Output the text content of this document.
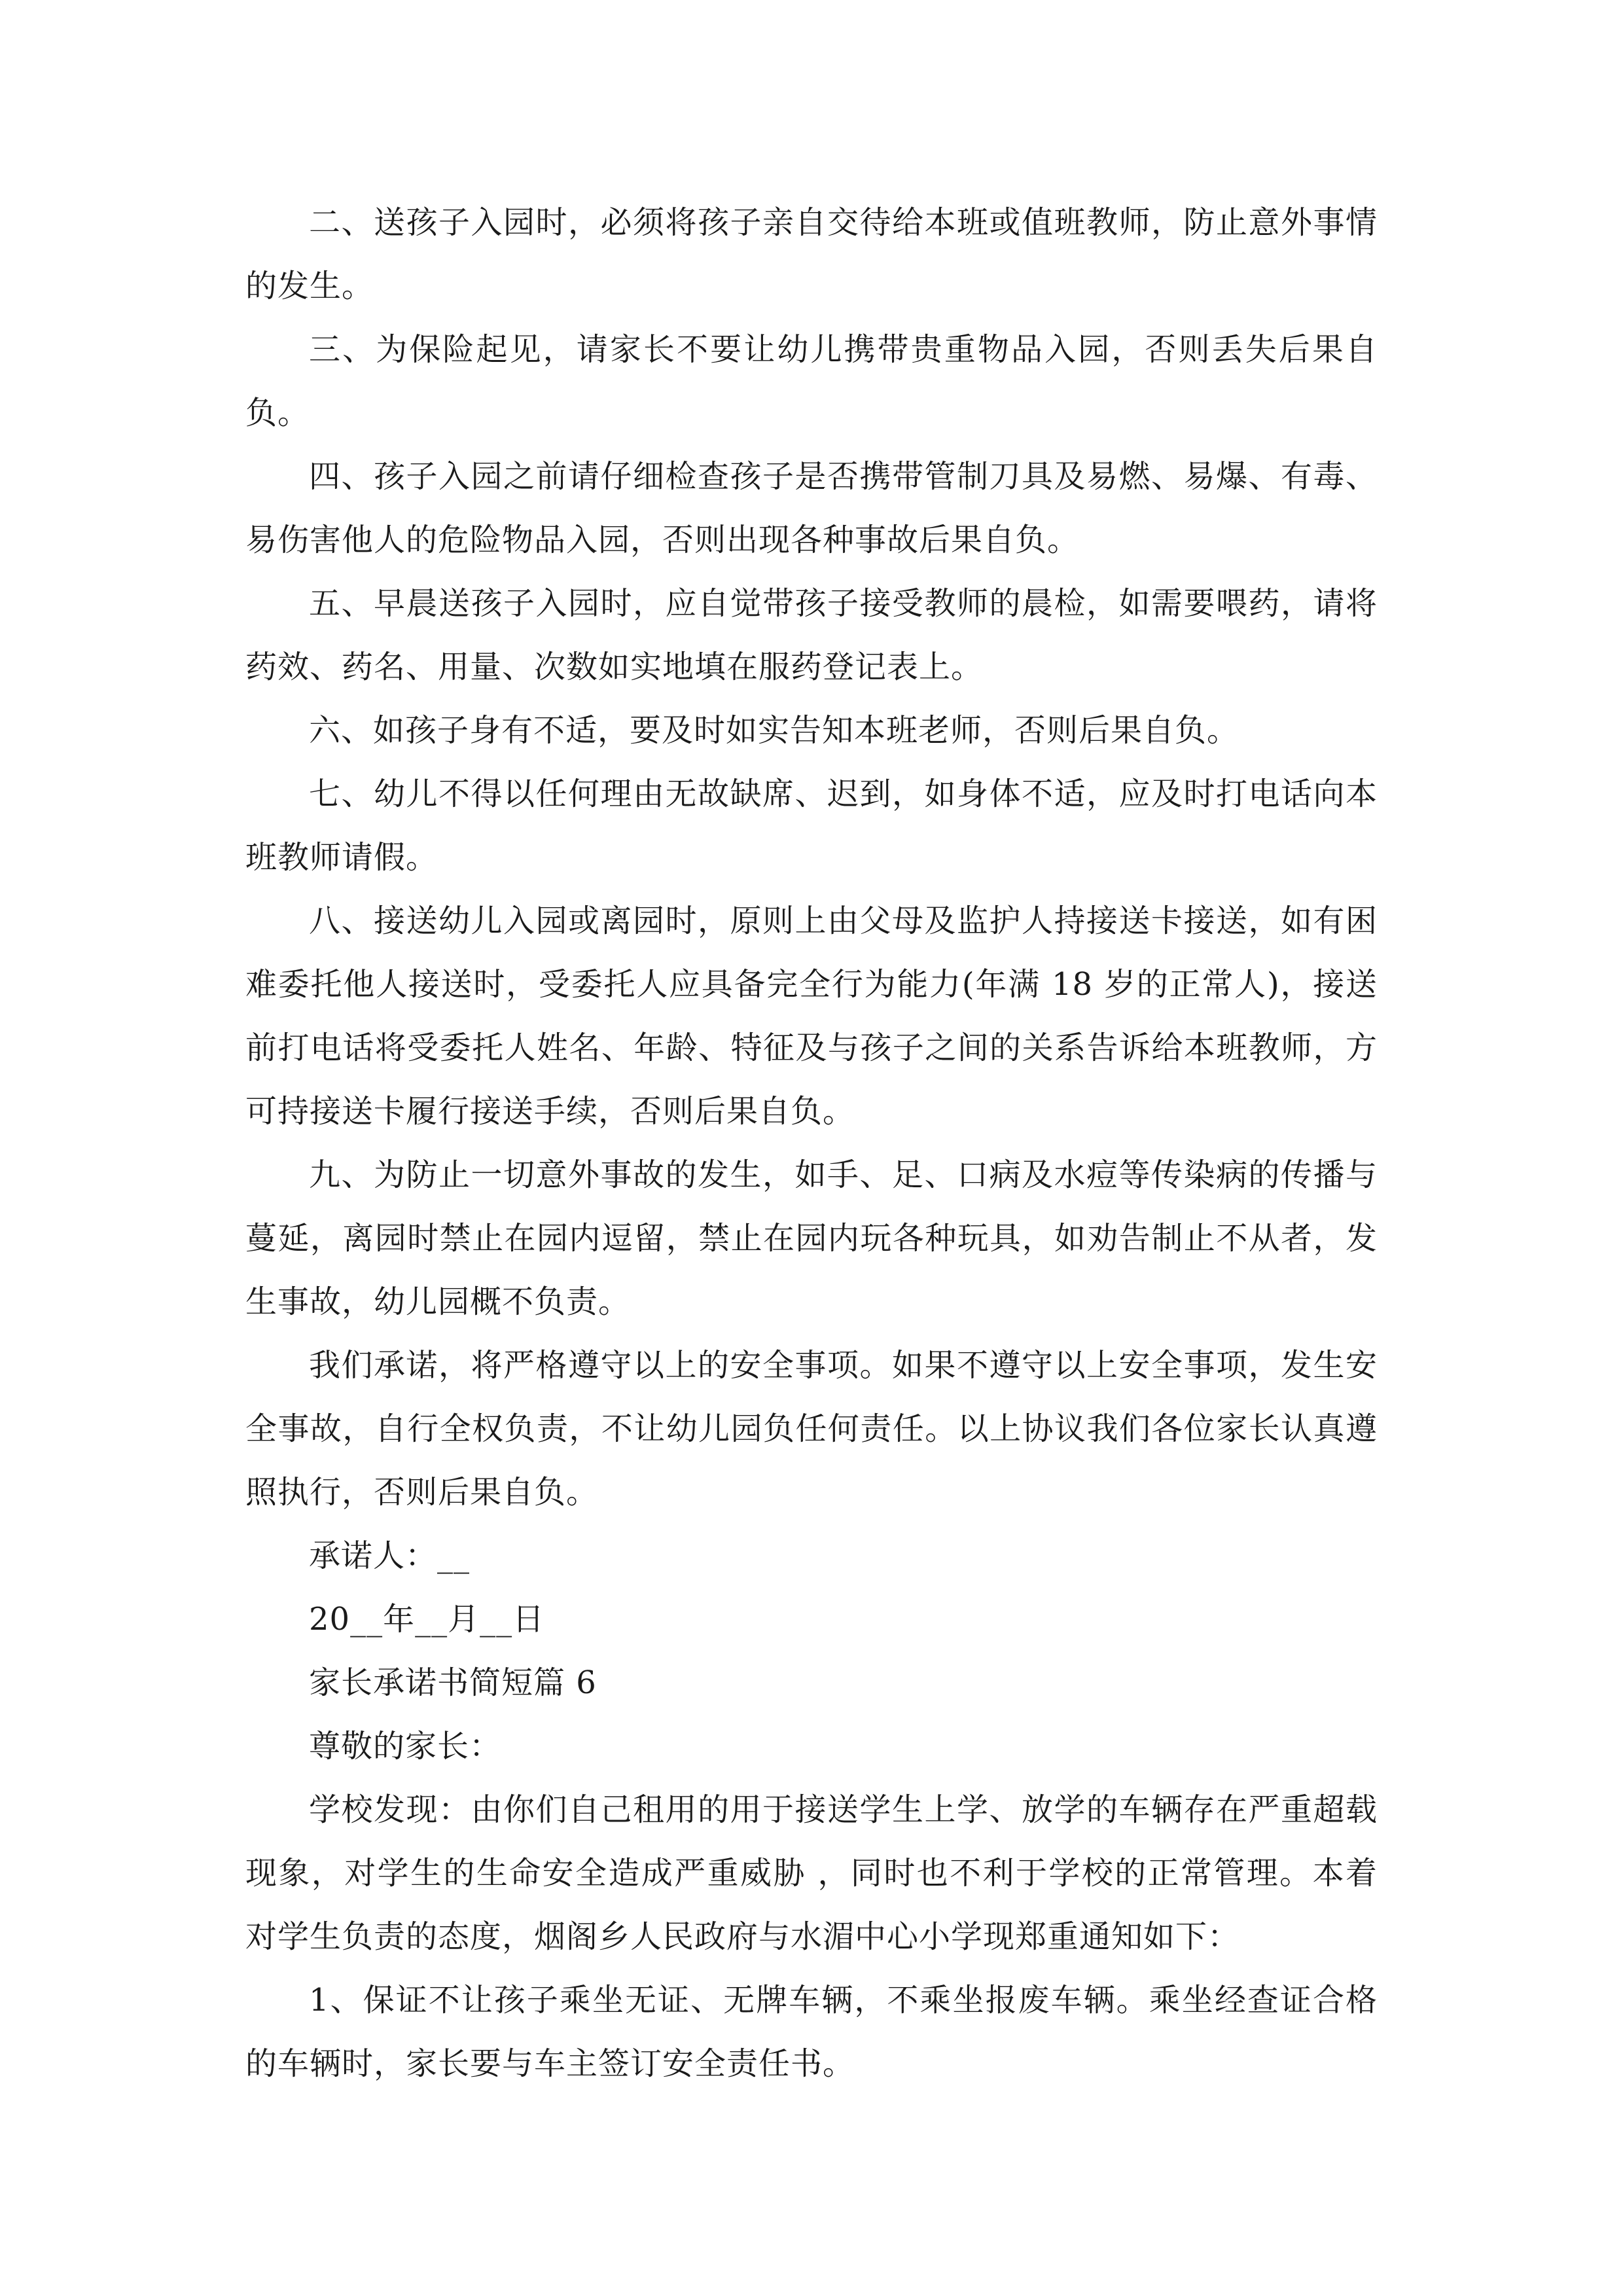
二、送孩子入园时，必须将孩子亲自交待给本班或值班教师，防止意外事情的发生。

三、为保险起见，请家长不要让幼儿携带贵重物品入园，否则丢失后果自负。

四、孩子入园之前请仔细检查孩子是否携带管制刀具及易燃、易爆、有毒、易伤害他人的危险物品入园，否则出现各种事故后果自负。

五、早晨送孩子入园时，应自觉带孩子接受教师的晨检，如需要喂药，请将药效、药名、用量、次数如实地填在服药登记表上。

六、如孩子身有不适，要及时如实告知本班老师，否则后果自负。

七、幼儿不得以任何理由无故缺席、迟到，如身体不适，应及时打电话向本班教师请假。

八、接送幼儿入园或离园时，原则上由父母及监护人持接送卡接送，如有困难委托他人接送时，受委托人应具备完全行为能力(年满 18 岁的正常人)，接送前打电话将受委托人姓名、年龄、特征及与孩子之间的关系告诉给本班教师，方可持接送卡履行接送手续，否则后果自负。

九、为防止一切意外事故的发生，如手、足、口病及水痘等传染病的传播与蔓延，离园时禁止在园内逗留，禁止在园内玩各种玩具，如劝告制止不从者，发生事故，幼儿园概不负责。

我们承诺，将严格遵守以上的安全事项。如果不遵守以上安全事项，发生安全事故，自行全权负责，不让幼儿园负任何责任。以上协议我们各位家长认真遵照执行，否则后果自负。

承诺人：__

20__年__月__日

家长承诺书简短篇 6

尊敬的家长：

学校发现：由你们自己租用的用于接送学生上学、放学的车辆存在严重超载现象，对学生的生命安全造成严重威胁 ，同时也不利于学校的正常管理。本着对学生负责的态度，烟阁乡人民政府与水湄中心小学现郑重通知如下：

1、保证不让孩子乘坐无证、无牌车辆，不乘坐报废车辆。乘坐经查证合格的车辆时，家长要与车主签订安全责任书。
